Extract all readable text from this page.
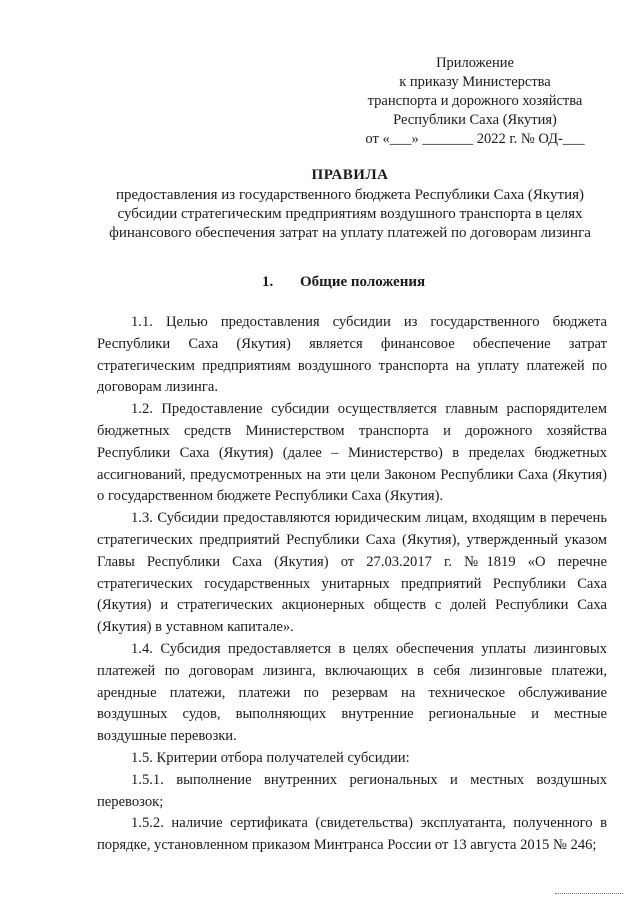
Приложение
к приказу Министерства
транспорта и дорожного хозяйства
Республики Саха (Якутия)
от «___» _______ 2022 г. № ОД-___
ПРАВИЛА
предоставления из государственного бюджета Республики Саха (Якутия) субсидии стратегическим предприятиям воздушного транспорта в целях финансового обеспечения затрат на уплату платежей по договорам лизинга
1. Общие положения

1.1. Целью предоставления субсидии из государственного бюджета Республики Саха (Якутия) является финансовое обеспечение затрат стратегическим предприятиям воздушного транспорта на уплату платежей по договорам лизинга.

1.2. Предоставление субсидии осуществляется главным распорядителем бюджетных средств Министерством транспорта и дорожного хозяйства Республики Саха (Якутия) (далее – Министерство) в пределах бюджетных ассигнований, предусмотренных на эти цели Законом Республики Саха (Якутия) о государственном бюджете Республики Саха (Якутия).

1.3. Субсидии предоставляются юридическим лицам, входящим в перечень стратегических предприятий Республики Саха (Якутия), утвержденный указом Главы Республики Саха (Якутия) от 27.03.2017 г. №1819 «О перечне стратегических государственных унитарных предприятий Республики Саха (Якутия) и стратегических акционерных обществ с долей Республики Саха (Якутия) в уставном капитале».

1.4. Субсидия предоставляется в целях обеспечения уплаты лизинговых платежей по договорам лизинга, включающих в себя лизинговые платежи, арендные платежи, платежи по резервам на техническое обслуживание воздушных судов, выполняющих внутренние региональные и местные воздушные перевозки.

1.5. Критерии отбора получателей субсидии:

1.5.1. выполнение внутренних региональных и местных воздушных перевозок;

1.5.2. наличие сертификата (свидетельства) эксплуатанта, полученного в порядке, установленном приказом Минтранса России от 13 августа 2015 № 246;
